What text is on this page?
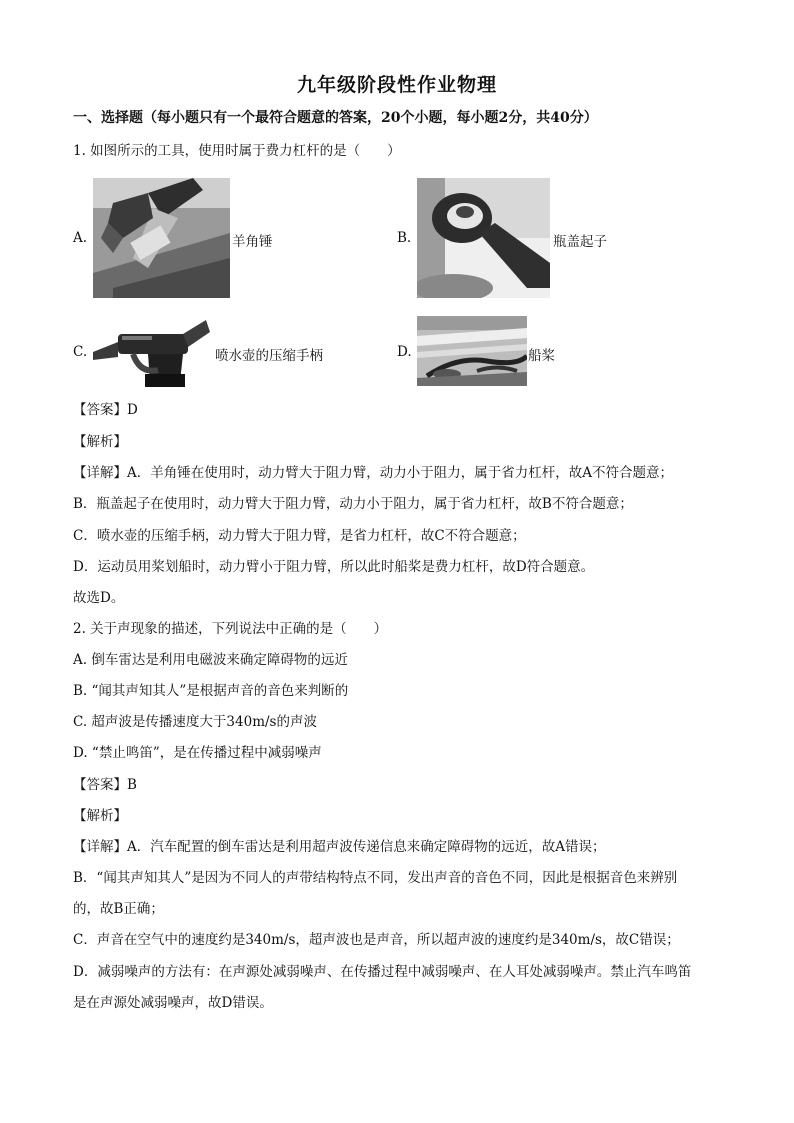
九年级阶段性作业物理
一、选择题（每小题只有一个最符合题意的答案，20个小题，每小题2分，共40分）
1. 如图所示的工具，使用时属于费力杠杆的是（　　）
A.	羊角锤	B.	瓶盖起子
C.	喷水壶的压缩手柄	D.	船桨
【答案】D
【解析】
【详解】A．羊角锤在使用时，动力臂大于阻力臂，动力小于阻力，属于省力杠杆，故A不符合题意；
B．瓶盖起子在使用时，动力臂大于阻力臂，动力小于阻力，属于省力杠杆，故B不符合题意；
C．喷水壶的压缩手柄，动力臂大于阻力臂，是省力杠杆，故C不符合题意；
D．运动员用桨划船时，动力臂小于阻力臂，所以此时船桨是费力杠杆，故D符合题意。
故选D。
2. 关于声现象的描述，下列说法中正确的是（　　）
A. 倒车雷达是利用电磁波来确定障碍物的远近
B. “闻其声知其人”是根据声音的音色来判断的
C. 超声波是传播速度大于340m/s的声波
D. “禁止鸣笛”，是在传播过程中减弱噪声
【答案】B
【解析】
【详解】A．汽车配置的倒车雷达是利用超声波传递信息来确定障碍物的远近，故A错误；
B．“闻其声知其人”是因为不同人的声带结构特点不同，发出声音的音色不同，因此是根据音色来辨别
的，故B正确；
C．声音在空气中的速度约是340m/s，超声波也是声音，所以超声波的速度约是340m/s，故C错误；
D．减弱噪声的方法有：在声源处减弱噪声、在传播过程中减弱噪声、在人耳处减弱噪声。禁止汽车鸣笛
是在声源处减弱噪声，故D错误。
